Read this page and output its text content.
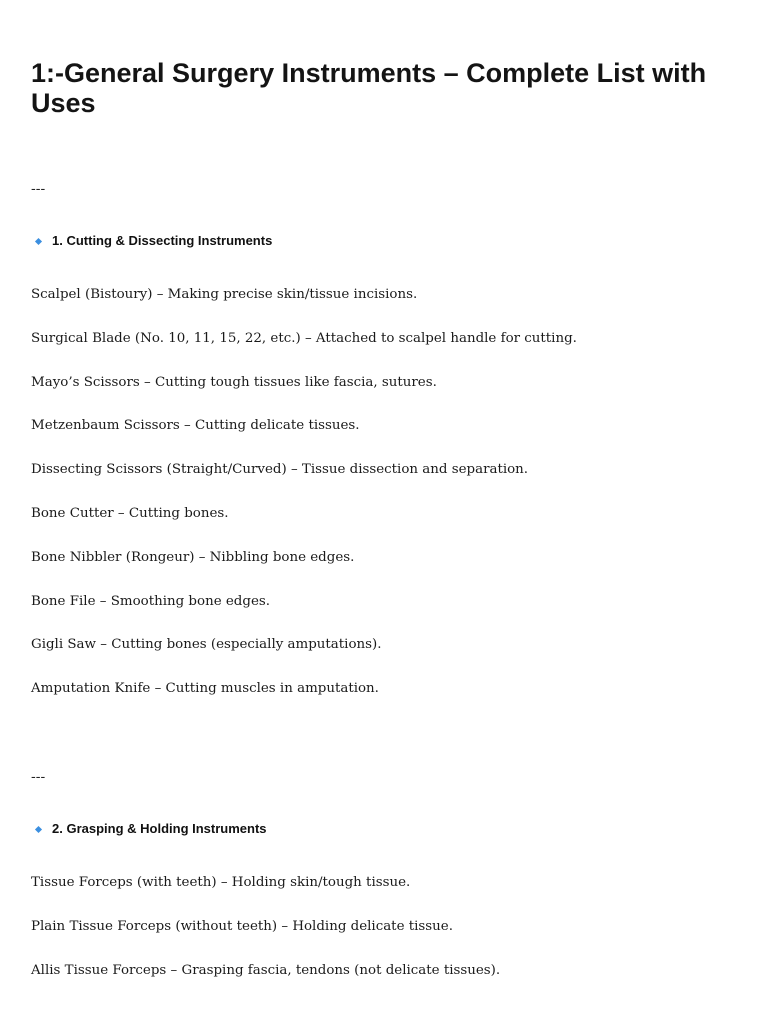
1:-General Surgery Instruments – Complete List with Uses
---
1. Cutting & Dissecting Instruments
Scalpel (Bistoury) – Making precise skin/tissue incisions.
Surgical Blade (No. 10, 11, 15, 22, etc.) – Attached to scalpel handle for cutting.
Mayo’s Scissors – Cutting tough tissues like fascia, sutures.
Metzenbaum Scissors – Cutting delicate tissues.
Dissecting Scissors (Straight/Curved) – Tissue dissection and separation.
Bone Cutter – Cutting bones.
Bone Nibbler (Rongeur) – Nibbling bone edges.
Bone File – Smoothing bone edges.
Gigli Saw – Cutting bones (especially amputations).
Amputation Knife – Cutting muscles in amputation.
---
2. Grasping & Holding Instruments
Tissue Forceps (with teeth) – Holding skin/tough tissue.
Plain Tissue Forceps (without teeth) – Holding delicate tissue.
Allis Tissue Forceps – Grasping fascia, tendons (not delicate tissues).
